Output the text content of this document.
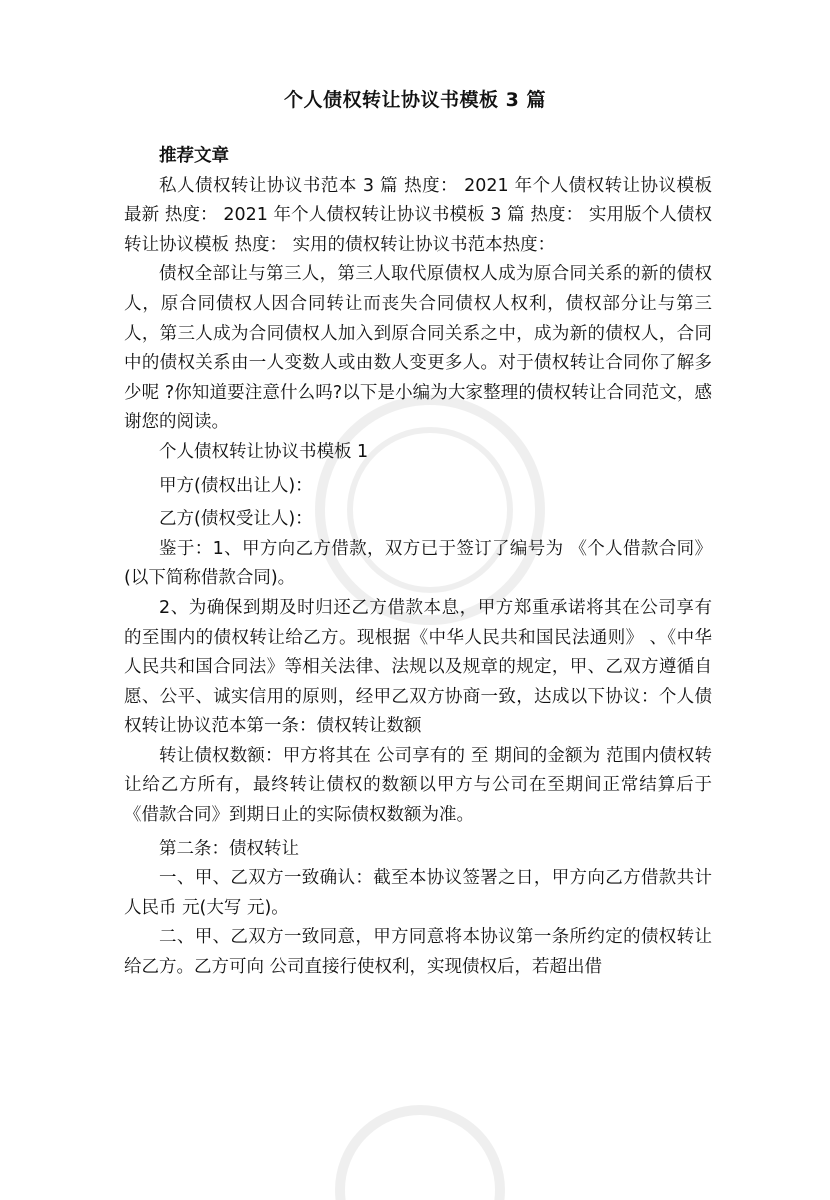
个人债权转让协议书模板 3 篇

推荐文章

私人债权转让协议书范本 3 篇 热度： 2021 年个人债权转让协议模板最新 热度： 2021 年个人债权转让协议书模板 3 篇 热度： 实用版个人债权转让协议模板 热度： 实用的债权转让协议书范本热度：

债权全部让与第三人，第三人取代原债权人成为原合同关系的新的债权人，原合同债权人因合同转让而丧失合同债权人权利，债权部分让与第三人，第三人成为合同债权人加入到原合同关系之中，成为新的债权人，合同中的债权关系由一人变数人或由数人变更多人。对于债权转让合同你了解多少呢 ?你知道要注意什么吗?以下是小编为大家整理的债权转让合同范文，感谢您的阅读。

个人债权转让协议书模板 1

甲方(债权出让人)：

乙方(债权受让人)：

鉴于：1、甲方向乙方借款，双方已于签订了编号为 《个人借款合同》(以下简称借款合同)。

2、为确保到期及时归还乙方借款本息，甲方郑重承诺将其在公司享有的至围内的债权转让给乙方。现根据《中华人民共和国民法通则》 、《中华人民共和国合同法》等相关法律、法规以及规章的规定，甲、乙双方遵循自愿、公平、诚实信用的原则，经甲乙双方协商一致，达成以下协议：个人债权转让协议范本第一条：债权转让数额

转让债权数额：甲方将其在 公司享有的 至 期间的金额为 范围内债权转让给乙方所有，最终转让债权的数额以甲方与公司在至期间正常结算后于《借款合同》到期日止的实际债权数额为准。

第二条：债权转让

一、甲、乙双方一致确认：截至本协议签署之日，甲方向乙方借款共计人民币 元(大写 元)。

二、甲、乙双方一致同意，甲方同意将本协议第一条所约定的债权转让给乙方。乙方可向 公司直接行使权利，实现债权后，若超出借
